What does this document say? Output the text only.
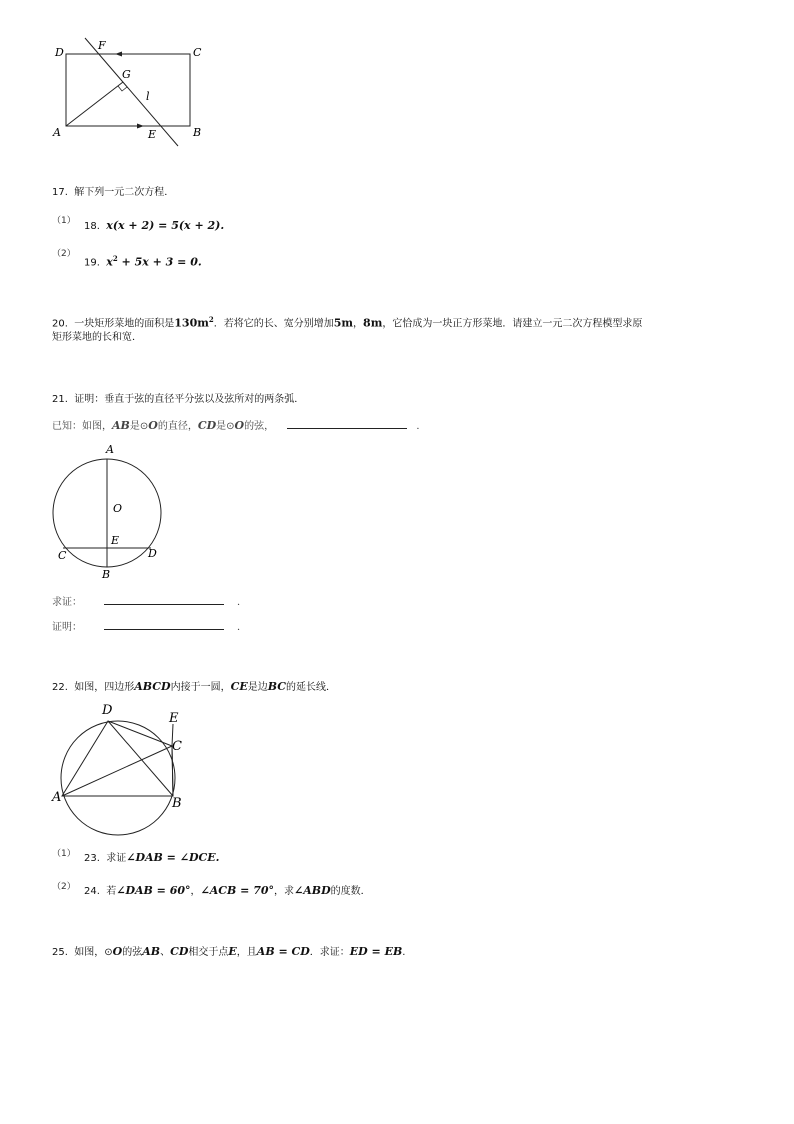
D
F
C
G
l
A	E	B
17. 解下列一元二次方程．
（1） 18. x(x + 2) = 5(x + 2).
（2）
19. $x^2 + 5x + 3 = 0$.
20. 一块矩形菜地的面积是$130m^2$．若将它的长、宽分别增加5m，8m，它恰成为一块正方形菜地．请建立一元二次方程模型求原
矩形菜地的长和宽．
21. 证明：垂直于弦的直径平分弦以及弦所对的两条弧．
已知：如图，AB是⊙O的直径，CD是⊙O的弦，	．
A
O
E
C	D
B
求证：	．
证明：	．
22. 如图，四边形ABCD内接于一圆，CE是边BC的延长线．
D
E
C
A	B
（1） 23. 求证∠DAB = ∠DCE.
（2） 24. 若∠DAB = 60°，∠ACB = 70°，求∠ABD的度数．
25. 如图，⊙O的弦AB、CD相交于点E，且AB = CD．求证：ED = EB.
